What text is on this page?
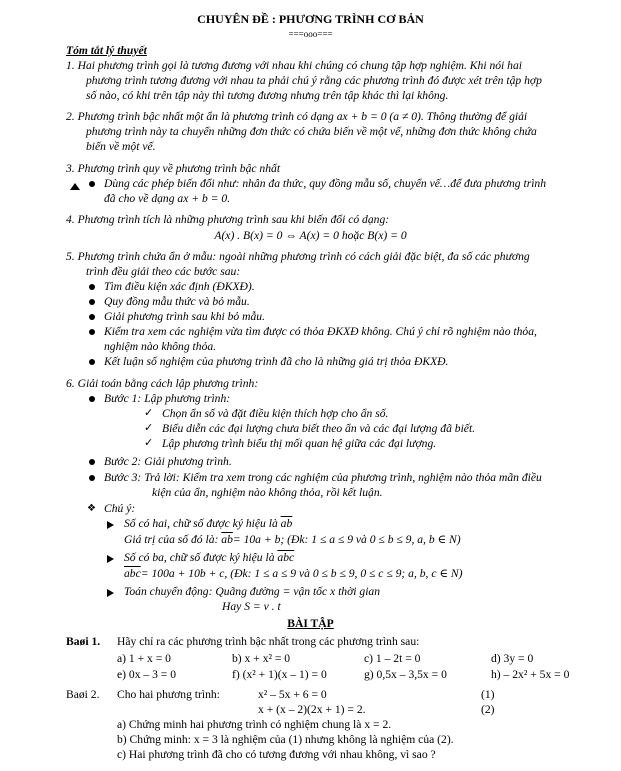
CHUYÊN ĐỀ : PHƯƠNG TRÌNH CƠ BẢN
===ooo===
Tóm tắt lý thuyết
1. Hai phương trình gọi là tương đương với nhau khi chúng có chung tập hợp nghiệm. Khi nói hai
phương trình tương đương với nhau ta phải chú ý rằng các phương trình đó được xét trên tập hợp
số nào, có khi trên tập này thì tương đương nhưng trên tập khác thì lại không.
2. Phương trình bậc nhất một ẩn là phương trình có dạng ax + b = 0 (a ≠ 0). Thông thường để giải
phương trình này ta chuyển những đơn thức có chứa biến về một vế, những đơn thức không chứa
biến về một vế.
3. Phương trình quy về phương trình bậc nhất
Dùng các phép biến đổi như: nhân đa thức, quy đồng mẫu số, chuyển vế…để đưa phương trình
đã cho về dạng ax + b = 0.
4. Phương trình tích là những phương trình sau khi biến đổi có dạng:
A(x) . B(x) = 0 ⇔ A(x) = 0 hoặc B(x) = 0
5. Phương trình chứa ẩn ở mẫu: ngoài những phương trình có cách giải đặc biệt, đa số các phương
trình đều giải theo các bước sau:
Tìm điều kiện xác định (ĐKXĐ).
Quy đồng mẫu thức và bỏ mẫu.
Giải phương trình sau khi bỏ mẫu.
Kiểm tra xem các nghiệm vừa tìm được có thỏa ĐKXĐ không. Chú ý chỉ rõ nghiệm nào thỏa,
nghiệm nào không thỏa.
Kết luận số nghiệm của phương trình đã cho là những giá trị thỏa ĐKXĐ.
6. Giải toán bằng cách lập phương trình:
Bước 1: Lập phương trình:
✓ Chọn ẩn số và đặt điều kiện thích hợp cho ẩn số.
✓ Biểu diễn các đại lượng chưa biết theo ẩn và các đại lượng đã biết.
✓ Lập phương trình biểu thị mối quan hệ giữa các đại lượng.
Bước 2: Giải phương trình.
Bước 3: Trả lời: Kiểm tra xem trong các nghiệm của phương trình, nghiệm nào thỏa mãn điều
kiện của ẩn, nghiệm nào không thỏa, rồi kết luận.
❖ Chú ý:
Số có hai, chữ số được ký hiệu là $\overline{ab}$
Giá trị của số đó là: $\overline{ab}= 10a + b$; (Đk: 1 ≤ a ≤ 9 và 0 ≤ b ≤ 9, a, b ∈ N)
Số có ba, chữ số được ký hiệu là $\overline{abc}$
$\overline{abc}= 100a + 10b + c$, (Đk: 1 ≤ a ≤ 9 và 0 ≤ b ≤ 9, 0 ≤ c ≤ 9; a, b, c ∈ N)
Toán chuyển động: Quãng đường = vận tốc x thời gian
Hay S = v . t
BÀI TẬP
Baøi 1. Hãy chỉ ra các phương trình bậc nhất trong các phương trình sau:
a) 1 + x = 0	b) x + x² = 0	c) 1 – 2t = 0	d) 3y = 0
e) 0x – 3 = 0	f) (x² + 1)(x – 1) = 0	g) 0,5x – 3,5x = 0	h) – 2x² + 5x = 0
Baøi 2. Cho hai phương trình:	x² – 5x + 6 = 0	(1)
x + (x – 2)(2x + 1) = 2.	(2)
a) Chứng minh hai phương trình có nghiệm chung là x = 2.
b) Chứng minh: x = 3 là nghiệm của (1) nhưng không là nghiệm của (2).
c) Hai phương trình đã cho có tương đương với nhau không, vì sao ?
